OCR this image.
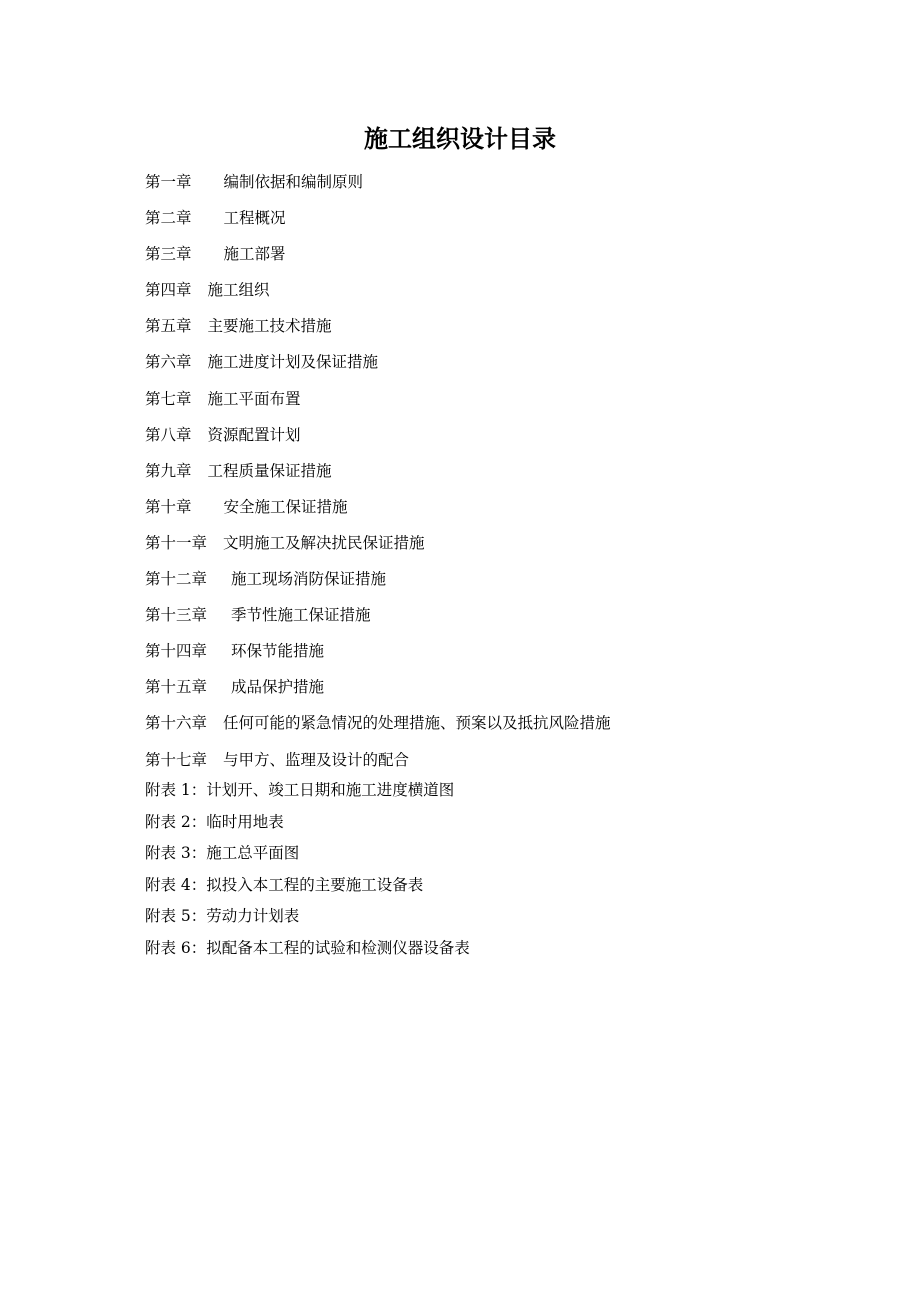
施工组织设计目录
第一章 编制依据和编制原则
第二章 工程概况
第三章 施工部署
第四章 施工组织
第五章 主要施工技术措施
第六章 施工进度计划及保证措施
第七章 施工平面布置
第八章 资源配置计划
第九章 工程质量保证措施
第十章 安全施工保证措施
第十一章 文明施工及解决扰民保证措施
第十二章 施工现场消防保证措施
第十三章 季节性施工保证措施
第十四章 环保节能措施
第十五章 成品保护措施
第十六章 任何可能的紧急情况的处理措施、预案以及抵抗风险措施
第十七章 与甲方、监理及设计的配合
附表 1：计划开、竣工日期和施工进度横道图
附表 2：临时用地表
附表 3：施工总平面图
附表 4：拟投入本工程的主要施工设备表
附表 5：劳动力计划表
附表 6：拟配备本工程的试验和检测仪器设备表
